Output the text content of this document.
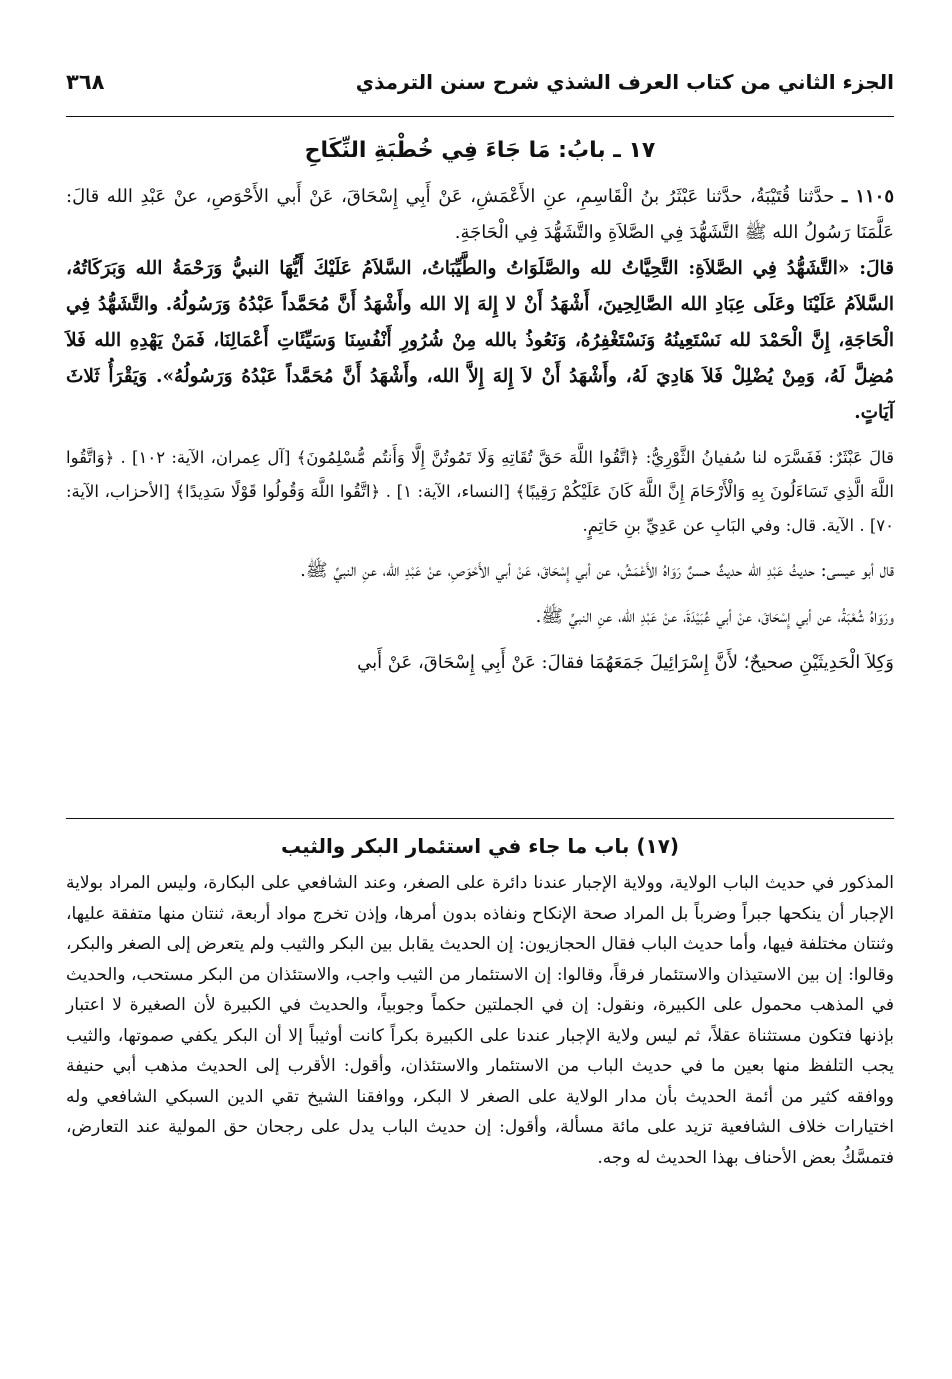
٣٦٨	الجزء الثاني من كتاب العرف الشذي شرح سنن الترمذي
١٧ ـ بابُ: مَا جَاءَ فِي خُطْبَةِ النِّكَاحِ

١١٠٥ ـ حدَّثنا قُتَيْبَةُ، حدَّثنا عَبْثَرُ بنُ الْقَاسِمِ، عنِ الأَعْمَشِ، عَنْ أَبِي إِسْحَاقَ، عَنْ أَبي الأَحْوَصِ، عنْ عَبْدِ الله قالَ: عَلَّمَنَا رَسُولُ الله ﷺ التَّشَهُّدَ فِي الصَّلاَةِ والتَّشَهُّدَ فِي الْحَاجَةِ.

قالَ: «التَّشَهُّدُ فِي الصَّلاَةِ: التَّحِيَّاتُ لله والصَّلَوَاتُ والطَّيِّبَاتُ، السَّلاَمُ عَلَيْكَ أَيُّهَا النبيُّ وَرَحْمَةُ الله وَبَرَكَاتُهُ، السَّلاَمُ عَلَيْنَا وعَلَى عِبَادِ الله الصَّالِحِينَ، أَشْهَدُ أَنْ لا إِلهَ إلا الله وأَشْهَدُ أَنَّ مُحَمَّداً عَبْدُهُ وَرَسُولُهُ. والتَّشَهُّدُ فِي الْحَاجَةِ، إِنَّ الْحَمْدَ لله نَسْتَعِينُهُ وَنَسْتَغْفِرُهُ، وَنَعُوذُ بالله مِنْ شُرُورِ أَنْفُسِنَا وَسَيِّئَاتِ أَعْمَالِنَا، فَمَنْ يَهْدِهِ الله فَلاَ مُضِلَّ لَهُ، وَمِنْ يُضْلِلْ فَلاَ هَادِيَ لَهُ، وأَشْهَدُ أَنْ لاَ إِلهَ إِلاَّ الله، وأَشْهَدُ أَنَّ مُحَمَّداً عَبْدُهُ وَرَسُولُهُ». وَيَقْرَأُ ثَلاثَ آيَاتٍ.

قالَ عَبْثَرٌ: فَفَسَّرَه لنا سُفيانُ الثَّوْرِيُّ: ﴿اتَّقُوا اللَّهَ حَقَّ تُقَاتِهِ وَلَا تَمُوتُنَّ إِلَّا وَأَنتُم مُّسْلِمُونَ﴾ [آل عِمران، الآية: ١٠٢] . ﴿وَاتَّقُوا اللَّهَ الَّذِي تَسَاءَلُونَ بِهِ وَالْأَرْحَامَ إِنَّ اللَّهَ كَانَ عَلَيْكُمْ رَقِيبًا﴾ [النساء، الآية: ١] . ﴿اتَّقُوا اللَّهَ وَقُولُوا قَوْلًا سَدِيدًا﴾ [الأحزاب، الآية: ٧٠] . الآية. قال: وفي البَابِ عن عَدِيِّ بنِ حَاتِمٍ.

قال أبو عيسى: حديثُ عَبْدِ الله حديثٌ حسنٌ رَوَاهُ الأَعْمَشُ، عن أبي إِسْحَاقَ، عَنْ أبي الأَحْوَصِ، عنْ عَبْدِ الله، عنِ النبيِّ ﷺ.

ورَوَاهُ شُعْبَةُ، عن أبي إِسْحَاقَ، عنْ أبي عُبَيْدَةَ، عنْ عَبْدِ الله، عنِ النبيِّ ﷺ.

وَكِلاَ الْحَدِيثَيْنِ صحيحٌ؛ لأَنَّ إِسْرَائِيلَ جَمَعَهُمَا فقالَ: عَنْ أَبِي إِسْحَاقَ، عَنْ أَبي

(١٧) باب ما جاء في استئمار البكر والثيب

المذكور في حديث الباب الولاية، وولاية الإجبار عندنا دائرة على الصغر، وعند الشافعي على البكارة، وليس المراد بولاية الإجبار أن ينكحها جبراً وضرباً بل المراد صحة الإنكاح ونفاذه بدون أمرها، وإذن تخرج مواد أربعة، ثنتان منها متفقة عليها، وثنتان مختلفة فيها، وأما حديث الباب فقال الحجازيون: إن الحديث يقابل بين البكر والثيب ولم يتعرض إلى الصغر والبكر، وقالوا: إن بين الاستيذان والاستئمار فرقاً، وقالوا: إن الاستئمار من الثيب واجب، والاستئذان من البكر مستحب، والحديث في المذهب محمول على الكبيرة، ونقول: إن في الجملتين حكماً وجوبياً، والحديث في الكبيرة لأن الصغيرة لا اعتبار بإذنها فتكون مستثناة عقلاً، ثم ليس ولاية الإجبار عندنا على الكبيرة بكراً كانت أوثيباً إلا أن البكر يكفي صموتها، والثيب يجب التلفظ منها بعين ما في حديث الباب من الاستئمار والاستئذان، وأقول: الأقرب إلى الحديث مذهب أبي حنيفة ووافقه كثير من أئمة الحديث بأن مدار الولاية على الصغر لا البكر، ووافقنا الشيخ تقي الدين السبكي الشافعي وله اختيارات خلاف الشافعية تزيد على مائة مسألة، وأقول: إن حديث الباب يدل على رجحان حق المولية عند التعارض، فتمسَّكُ بعض الأحناف بهذا الحديث له وجه.
